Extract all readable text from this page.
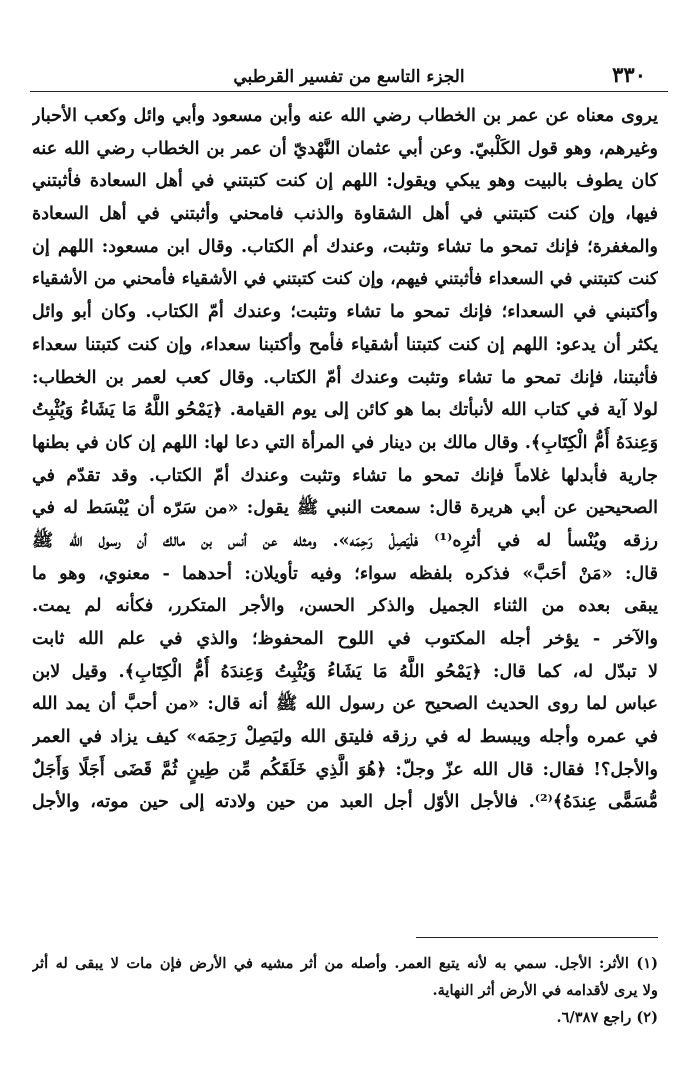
٣٣٠
الجزء التاسع من تفسير القرطبي
يروى معناه عن عمر بن الخطاب رضي الله عنه وأبن مسعود وأبي وائل وكعب الأحبار
وغيرهم، وهو قول الكَلْبيّ. وعن أبي عثمان النَّهْديّ أن عمر بن الخطاب رضي الله عنه
كان يطوف بالبيت وهو يبكي ويقول: اللهم إن كنت كتبتني في أهل السعادة فأثبتني
فيها، وإن كنت كتبتني في أهل الشقاوة والذنب فامحني وأثبتني في أهل السعادة
والمغفرة؛ فإنك تمحو ما تشاء وتثبت، وعندك أم الكتاب. وقال ابن مسعود: اللهم إن
كنت كتبتني في السعداء فأثبتني فيهم، وإن كنت كتبتني في الأشقياء فأمحني من الأشقياء
وأكتبني في السعداء؛ فإنك تمحو ما تشاء وتثبت؛ وعندك أمّ الكتاب. وكان أبو وائل
يكثر أن يدعو: اللهم إن كنت كتبتنا أشقياء فأمح وأكتبنا سعداء، وإن كنت كتبتنا سعداء
فأثبتنا، فإنك تمحو ما تشاء وتثبت وعندك أمّ الكتاب. وقال كعب لعمر بن الخطاب:
لولا آية في كتاب الله لأنبأتك بما هو كائن إلى يوم القيامة. ﴿يَمْحُو اللَّهُ مَا يَشَاءُ وَيُثْبِتُ
وَعِندَهُ أُمُّ الْكِتَابِ﴾. وقال مالك بن دينار في المرأة التي دعا لها: اللهم إن كان في بطنها
جارية فأبدلها غلاماً فإنك تمحو ما تشاء وتثبت وعندك أمّ الكتاب. وقد تقدّم في
الصحيحين عن أبي هريرة قال: سمعت النبي ﷺ يقول: «من سَرّه أن يُبْسَط له في
رزقه ويُنْسأ له في أثرِه⁽¹⁾ فلْيَصِلْ رَحِمَه». ومثله عن أنس بن مالك أن رسول الله ﷺ
قال: «مَنْ أحَبَّ» فذكره بلفظه سواء؛ وفيه تأويلان: أحدهما - معنوي، وهو ما
يبقى بعده من الثناء الجميل والذكر الحسن، والأجر المتكرر، فكأنه لم يمت.
والآخر - يؤخر أجله المكتوب في اللوح المحفوظ؛ والذي في علم الله ثابت
لا تبدّل له، كما قال: ﴿يَمْحُو اللَّهُ مَا يَشَاءُ وَيُثْبِتُ وَعِندَهُ أُمُّ الْكِتَابِ﴾. وقيل لابن
عباس لما روى الحديث الصحيح عن رسول الله ﷺ أنه قال: «من أحبَّ أن يمد الله
في عمره وأجله ويبسط له في رزقه فليتق الله وليَصِلْ رَحِمَه» كيف يزاد في العمر
والأجل؟! فقال: قال الله عزّ وجلّ: ﴿هُوَ الَّذِي خَلَقَكُم مِّن طِينٍ ثُمَّ قَضَى أَجَلًا وَأَجَلٌ
مُّسَمًّى عِندَهُ﴾⁽²⁾. فالأجل الأوّل أجل العبد من حين ولادته إلى حين موته، والأجل
(١) الأثر: الأجل. سمي به لأنه يتبع العمر. وأصله من أثر مشيه في الأرض فإن مات لا يبقى له أثر
ولا يرى لأقدامه في الأرض أثر النهاية.
(٢) راجع ٦/٣٨٧.
